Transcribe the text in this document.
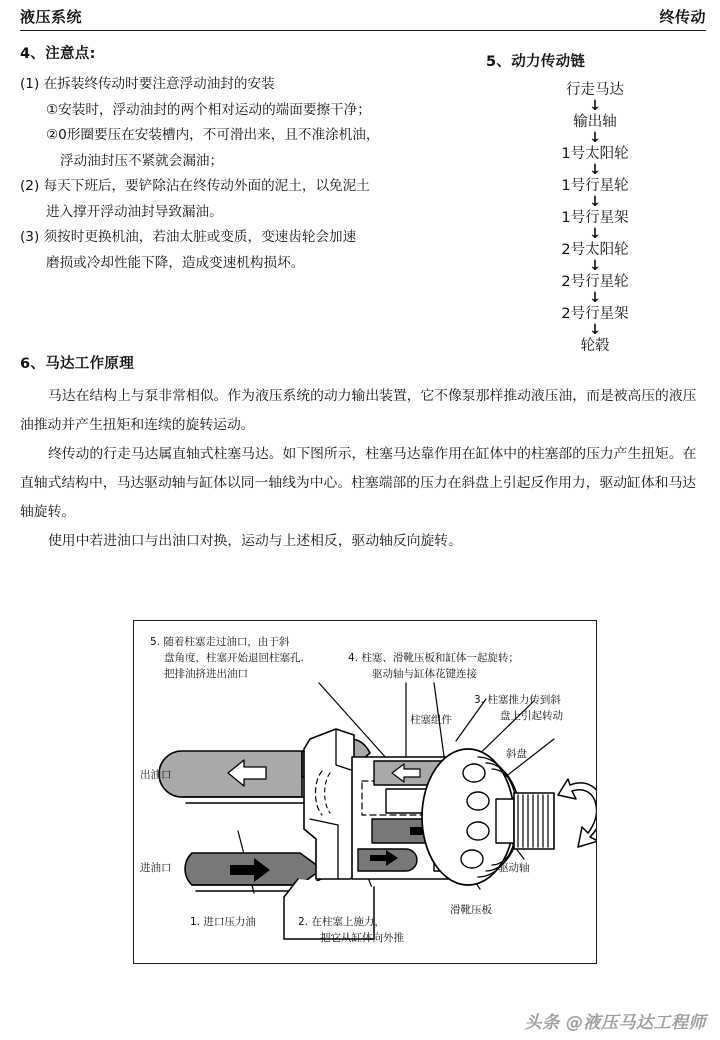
液压系统	终传动

4、注意点:

(1) 在拆装终传动时要注意浮动油封的安装

①安装时，浮动油封的两个相对运动的端面要擦干净；

②0形圈要压在安装槽内，不可滑出来，且不准涂机油，

浮动油封压不紧就会漏油；

(2) 每天下班后，要铲除沾在终传动外面的泥土，以免泥土

进入撑开浮动油封导致漏油。

(3) 须按时更换机油，若油太脏或变质，变速齿轮会加速

磨损或冷却性能下降，造成变速机构损坏。

5、动力传动链

行走马达
↓
输出轴
↓
1号太阳轮
↓
1号行星轮
↓
1号行星架
↓
2号太阳轮
↓
2号行星轮
↓
2号行星架
↓
轮毂

6、马达工作原理

马达在结构上与泵非常相似。作为液压系统的动力输出装置，它不像泵那样推动液压油，而是被高压的液压油推动并产生扭矩和连续的旋转运动。

终传动的行走马达属直轴式柱塞马达。如下图所示，柱塞马达靠作用在缸体中的柱塞部的压力产生扭矩。在直轴式结构中，马达驱动轴与缸体以同一轴线为中心。柱塞端部的压力在斜盘上引起反作用力，驱动缸体和马达轴旋转。

使用中若进油口与出油口对换，运动与上述相反，驱动轴反向旋转。

5. 随着柱塞走过油口，由于斜
盘角度，柱塞开始退回柱塞孔.
把排油挤进出油口
4. 柱塞、滑靴压板和缸体一起旋转；
驱动轴与缸体花键连接
3. 柱塞推力传到斜
盘上引起转动
柱塞组件
斜盘
驱动轴
滑靴压板
出油口
进油口
1. 进口压力油	2. 在柱塞上施力，
把它从缸体向外推
头条 @液压马达工程师
